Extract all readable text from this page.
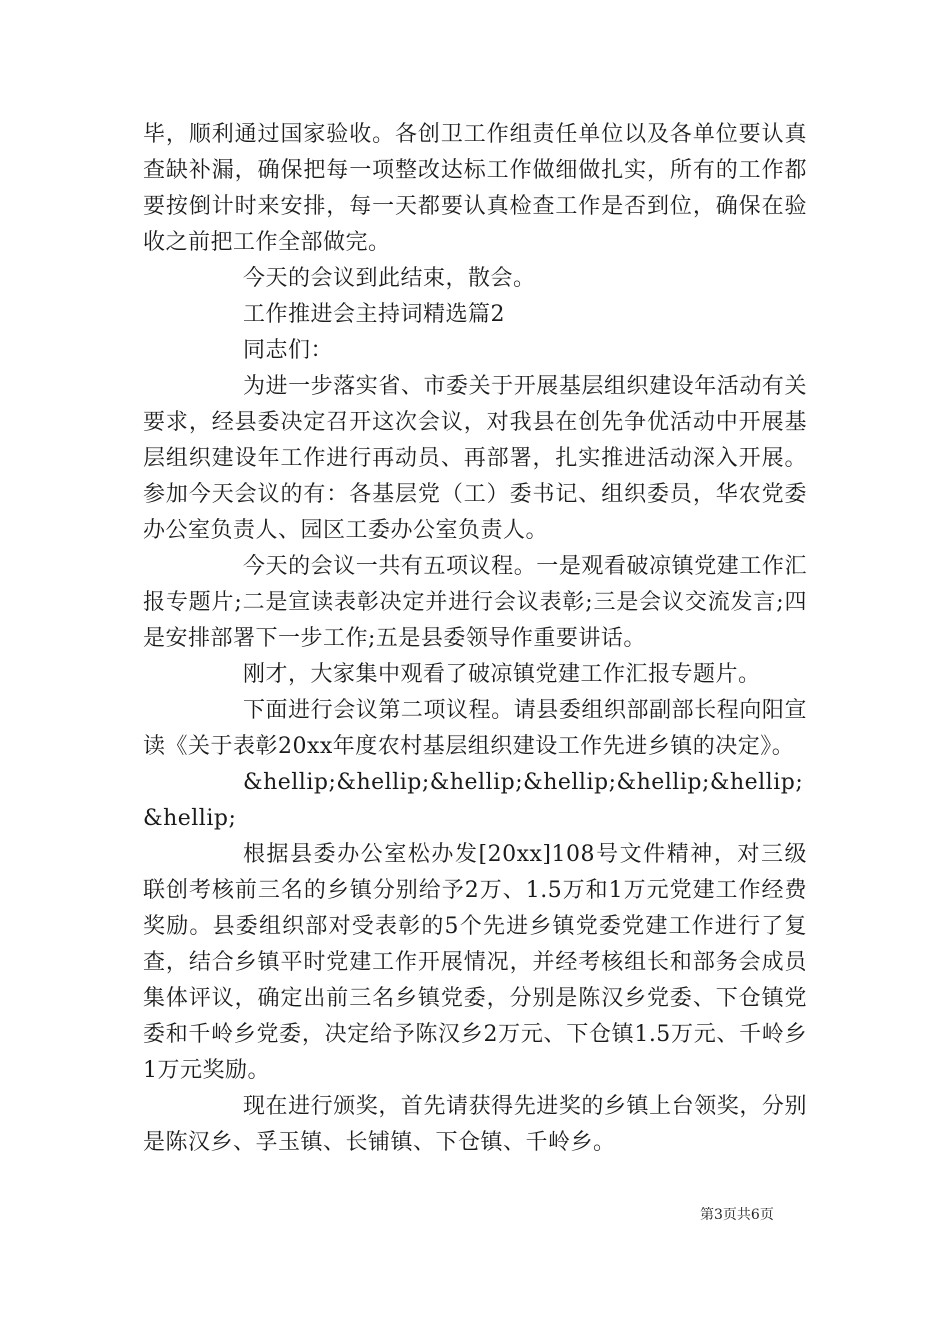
毕，顺利通过国家验收。各创卫工作组责任单位以及各单位要认真查缺补漏，确保把每一项整改达标工作做细做扎实，所有的工作都要按倒计时来安排，每一天都要认真检查工作是否到位，确保在验收之前把工作全部做完。

今天的会议到此结束，散会。

工作推进会主持词精选篇2

同志们：

为进一步落实省、市委关于开展基层组织建设年活动有关要求，经县委决定召开这次会议，对我县在创先争优活动中开展基层组织建设年工作进行再动员、再部署，扎实推进活动深入开展。参加今天会议的有：各基层党（工）委书记、组织委员，华农党委办公室负责人、园区工委办公室负责人。

今天的会议一共有五项议程。一是观看破凉镇党建工作汇报专题片;二是宣读表彰决定并进行会议表彰;三是会议交流发言;四是安排部署下一步工作;五是县委领导作重要讲话。

刚才，大家集中观看了破凉镇党建工作汇报专题片。

下面进行会议第二项议程。请县委组织部副部长程向阳宣读《关于表彰20xx年度农村基层组织建设工作先进乡镇的决定》。

&hellip;&hellip;&hellip;&hellip;&hellip;&hellip;&hellip;

根据县委办公室松办发[20xx]108号文件精神，对三级联创考核前三名的乡镇分别给予2万、1.5万和1万元党建工作经费奖励。县委组织部对受表彰的5个先进乡镇党委党建工作进行了复查，结合乡镇平时党建工作开展情况，并经考核组长和部务会成员集体评议，确定出前三名乡镇党委，分别是陈汉乡党委、下仓镇党委和千岭乡党委，决定给予陈汉乡2万元、下仓镇1.5万元、千岭乡1万元奖励。

现在进行颁奖，首先请获得先进奖的乡镇上台领奖，分别是陈汉乡、孚玉镇、长铺镇、下仓镇、千岭乡。

第3页共6页
